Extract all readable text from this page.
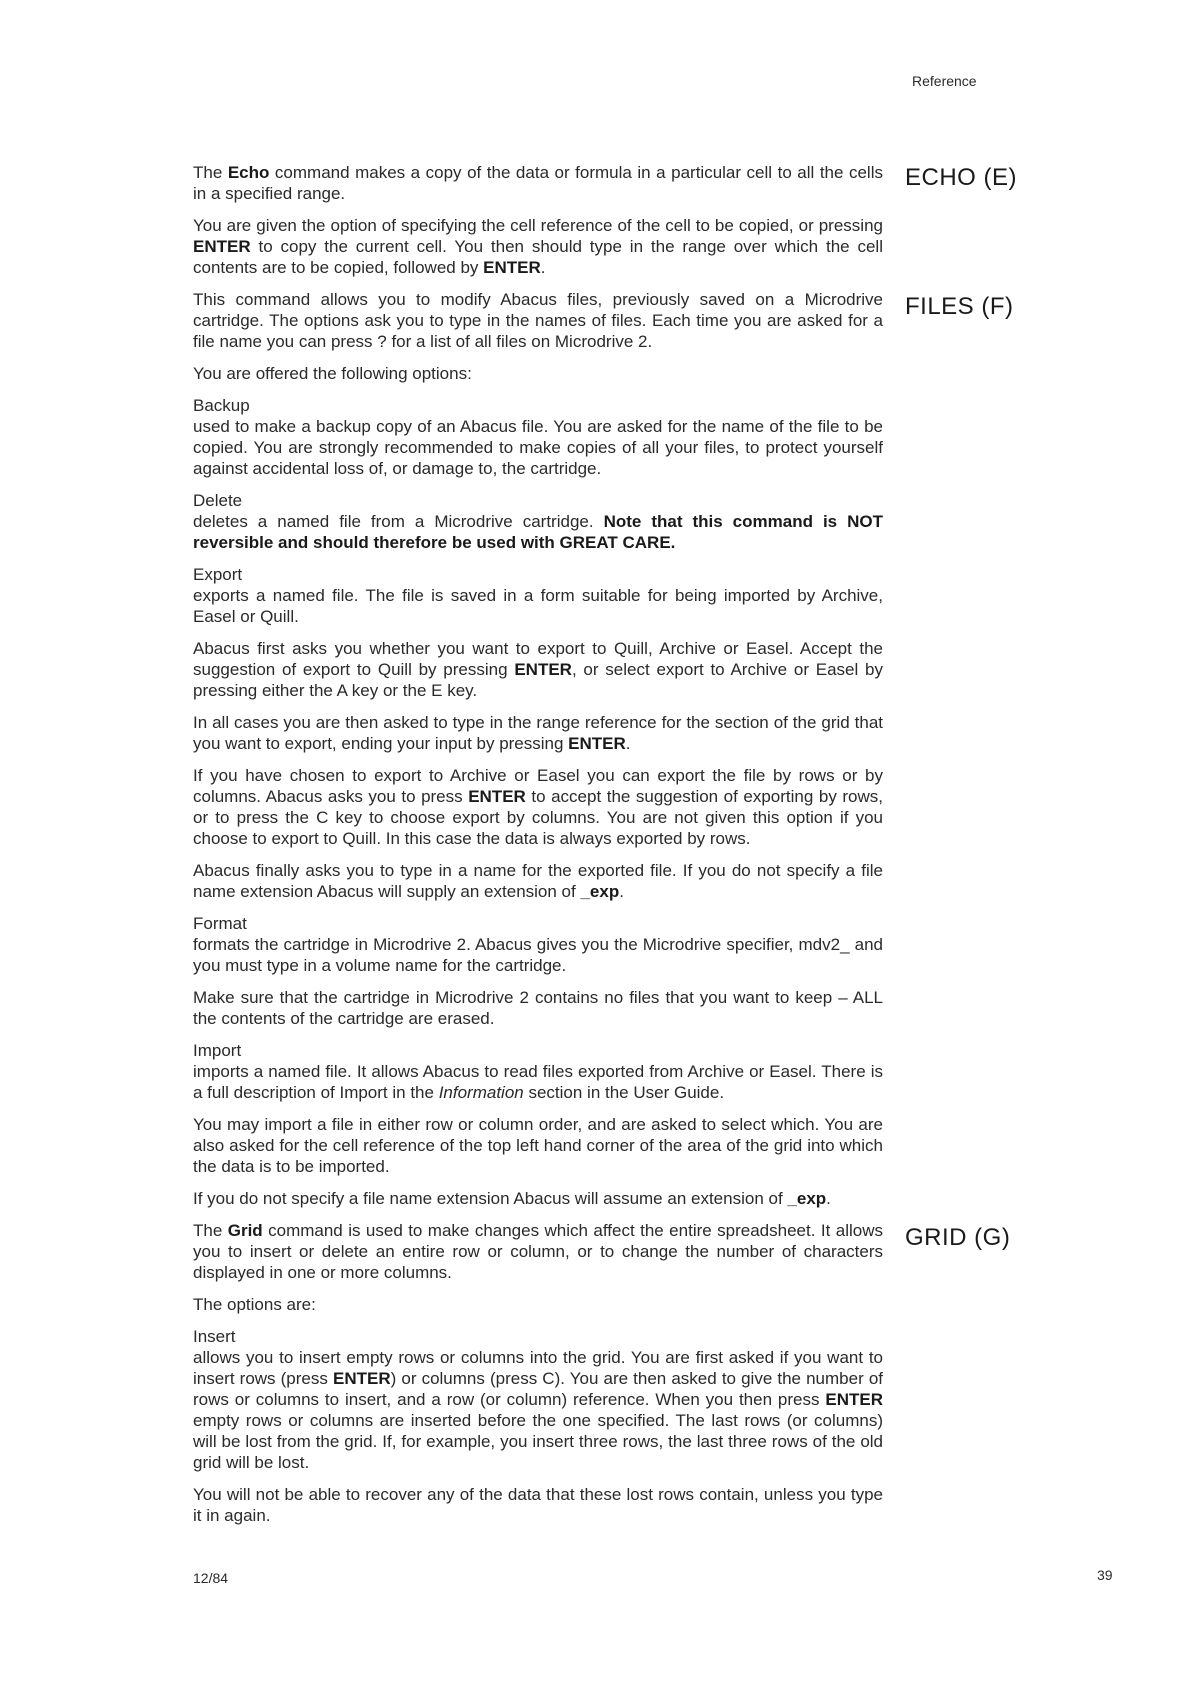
Reference
ECHO (E)
FILES (F)
GRID (G)

The Echo command makes a copy of the data or formula in a particular cell to all the cells in a specified range.

You are given the option of specifying the cell reference of the cell to be copied, or pressing ENTER to copy the current cell. You then should type in the range over which the cell contents are to be copied, followed by ENTER.

This command allows you to modify Abacus files, previously saved on a Microdrive cartridge. The options ask you to type in the names of files. Each time you are asked for a file name you can press ? for a list of all files on Microdrive 2.

You are offered the following options:

Backup

used to make a backup copy of an Abacus file. You are asked for the name of the file to be copied. You are strongly recommended to make copies of all your files, to protect yourself against accidental loss of, or damage to, the cartridge.

Delete

deletes a named file from a Microdrive cartridge. Note that this command is NOT reversible and should therefore be used with GREAT CARE.

Export

exports a named file. The file is saved in a form suitable for being imported by Archive, Easel or Quill.

Abacus first asks you whether you want to export to Quill, Archive or Easel. Accept the suggestion of export to Quill by pressing ENTER, or select export to Archive or Easel by pressing either the A key or the E key.

In all cases you are then asked to type in the range reference for the section of the grid that you want to export, ending your input by pressing ENTER.

If you have chosen to export to Archive or Easel you can export the file by rows or by columns. Abacus asks you to press ENTER to accept the suggestion of exporting by rows, or to press the C key to choose export by columns. You are not given this option if you choose to export to Quill. In this case the data is always exported by rows.

Abacus finally asks you to type in a name for the exported file. If you do not specify a file name extension Abacus will supply an extension of _exp.

Format

formats the cartridge in Microdrive 2. Abacus gives you the Microdrive specifier, mdv2_ and you must type in a volume name for the cartridge.

Make sure that the cartridge in Microdrive 2 contains no files that you want to keep – ALL the contents of the cartridge are erased.

Import

imports a named file. It allows Abacus to read files exported from Archive or Easel. There is a full description of Import in the Information section in the User Guide.

You may import a file in either row or column order, and are asked to select which. You are also asked for the cell reference of the top left hand corner of the area of the grid into which the data is to be imported.

If you do not specify a file name extension Abacus will assume an extension of _exp.

The Grid command is used to make changes which affect the entire spreadsheet. It allows you to insert or delete an entire row or column, or to change the number of characters displayed in one or more columns.

The options are:

Insert

allows you to insert empty rows or columns into the grid. You are first asked if you want to insert rows (press ENTER) or columns (press C). You are then asked to give the number of rows or columns to insert, and a row (or column) reference. When you then press ENTER empty rows or columns are inserted before the one specified. The last rows (or columns) will be lost from the grid. If, for example, you insert three rows, the last three rows of the old grid will be lost.

You will not be able to recover any of the data that these lost rows contain, unless you type it in again.

12/84	39
